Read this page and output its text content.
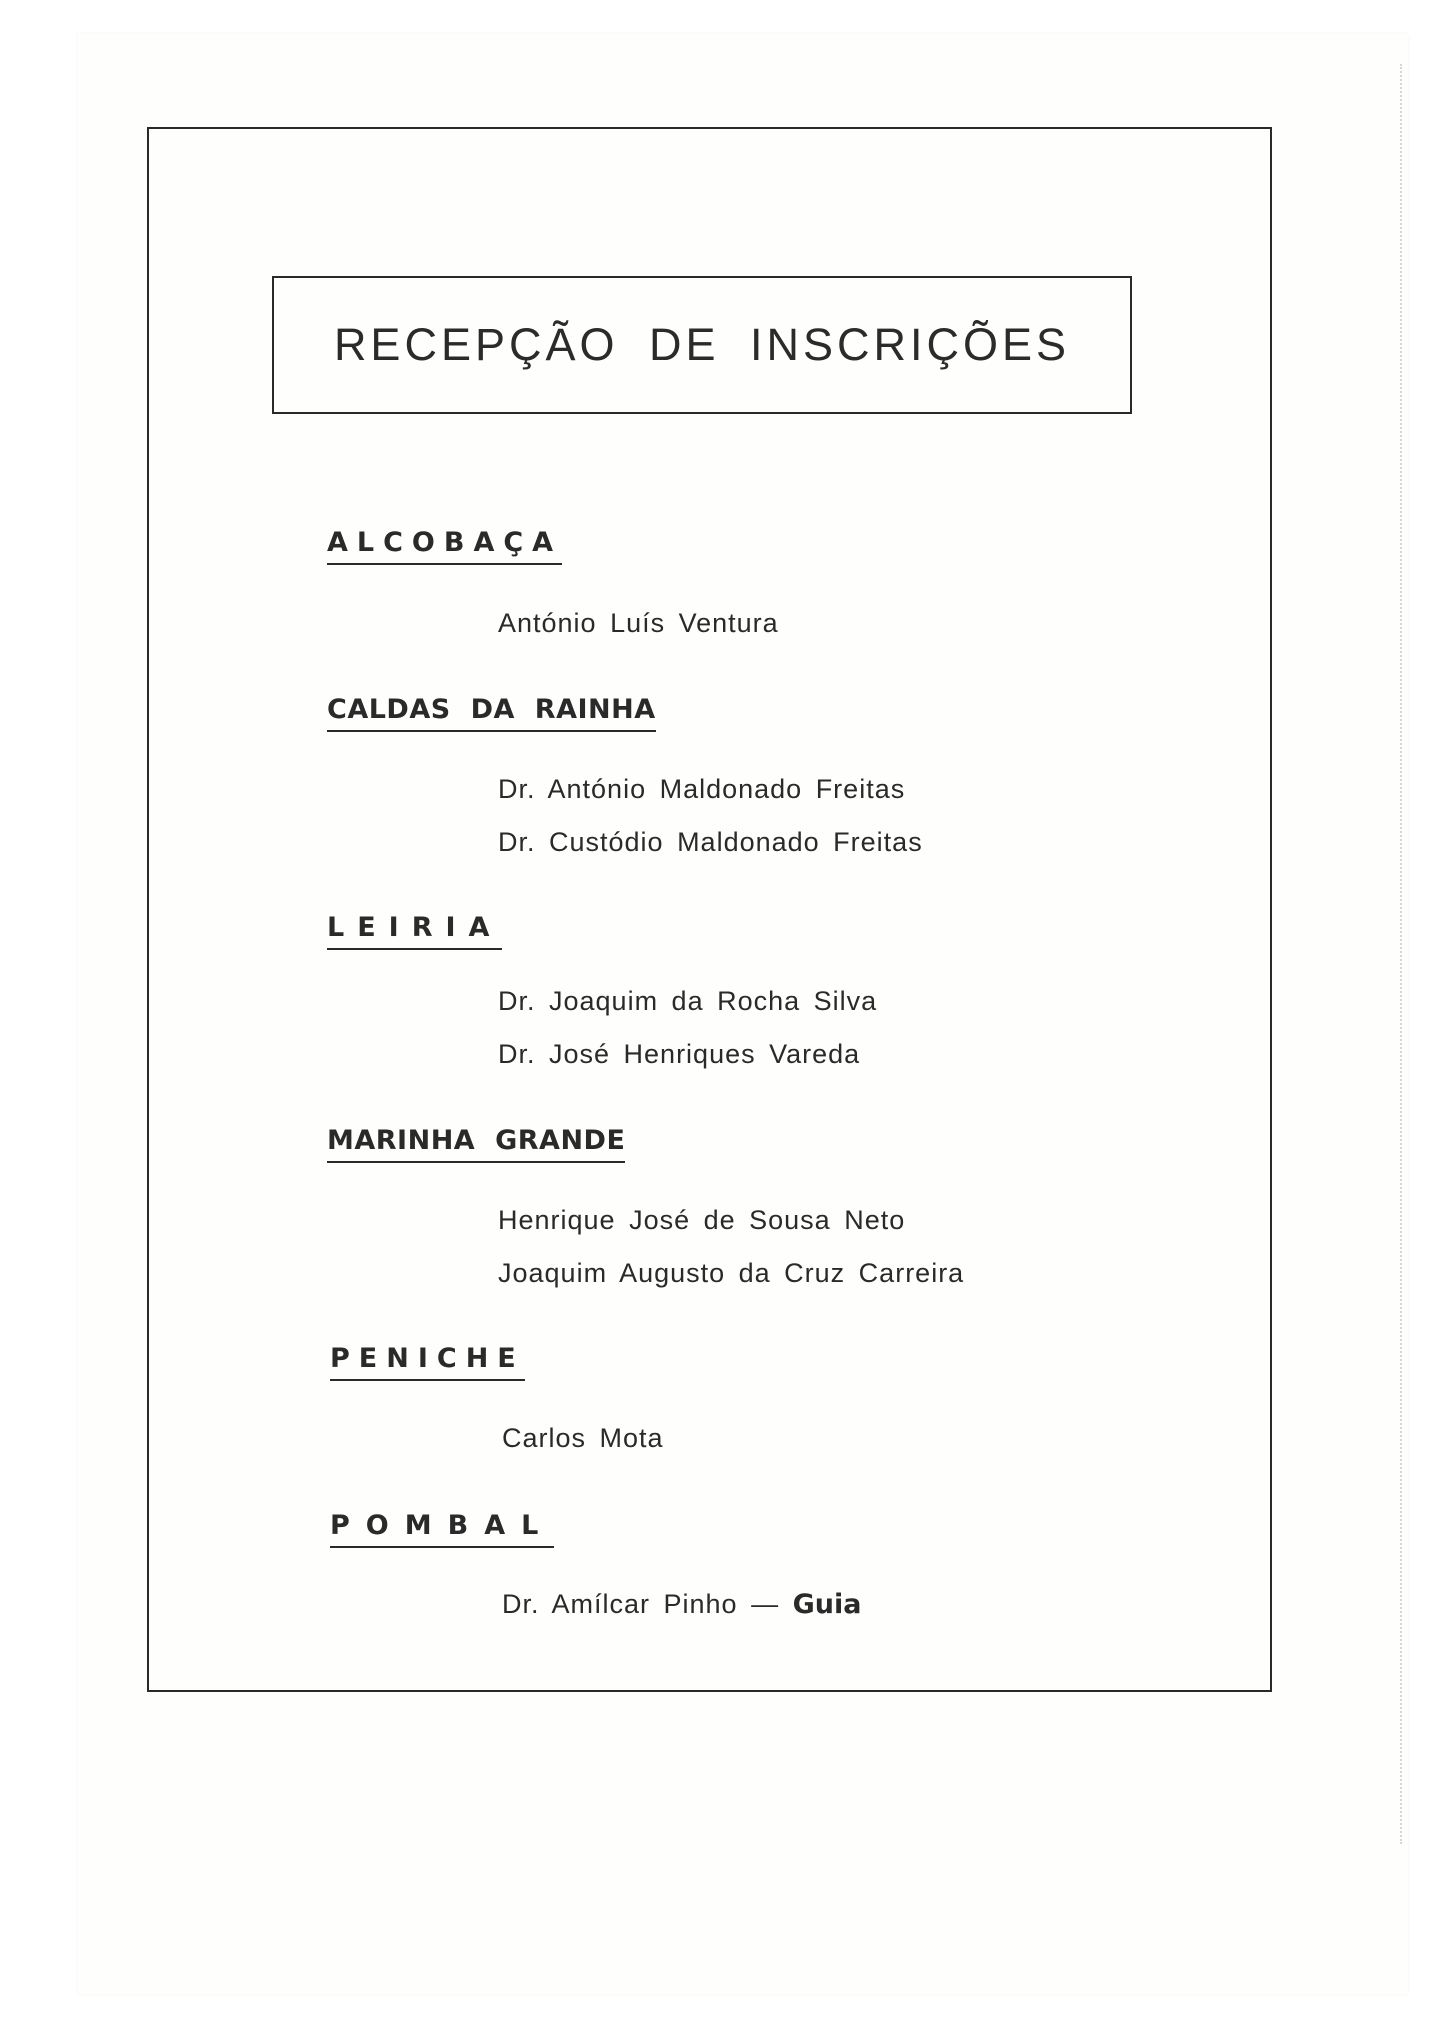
RECEPÇÃO DE INSCRIÇÕES
ALCOBAÇA
António Luís Ventura
CALDAS DA RAINHA
Dr. António Maldonado Freitas
Dr. Custódio Maldonado Freitas
LEIRIA
Dr. Joaquim da Rocha Silva
Dr. José Henriques Vareda
MARINHA GRANDE
Henrique José de Sousa Neto
Joaquim Augusto da Cruz Carreira
PENICHE
Carlos Mota
POMBAL
Dr. Amílcar Pinho — Guia
